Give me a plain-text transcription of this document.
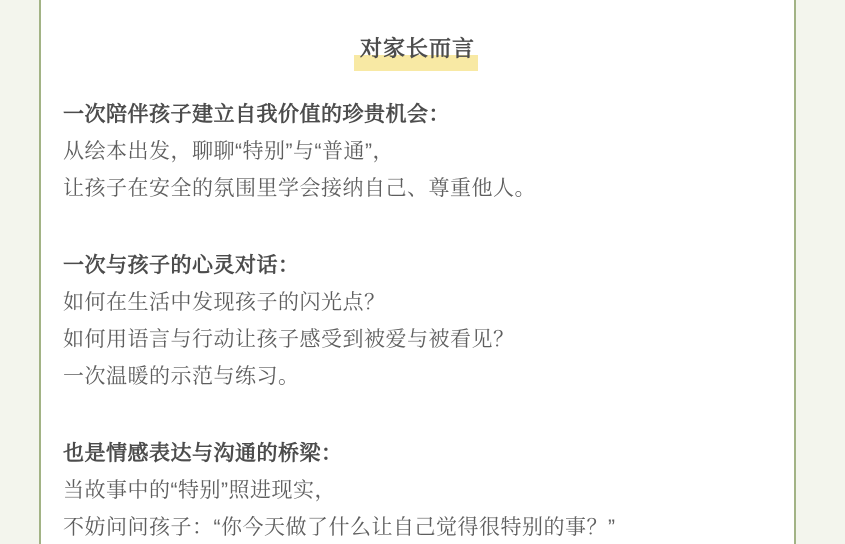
对家长而言

一次陪伴孩子建立自我价值的珍贵机会：

从绘本出发，聊聊“特别”与“普通”，

让孩子在安全的氛围里学会接纳自己、尊重他人。

一次与孩子的心灵对话：

如何在生活中发现孩子的闪光点？

如何用语言与行动让孩子感受到被爱与被看见？

一次温暖的示范与练习。

也是情感表达与沟通的桥梁：

当故事中的“特别”照进现实，

不妨问问孩子：“你今天做了什么让自己觉得很特别的事？”
